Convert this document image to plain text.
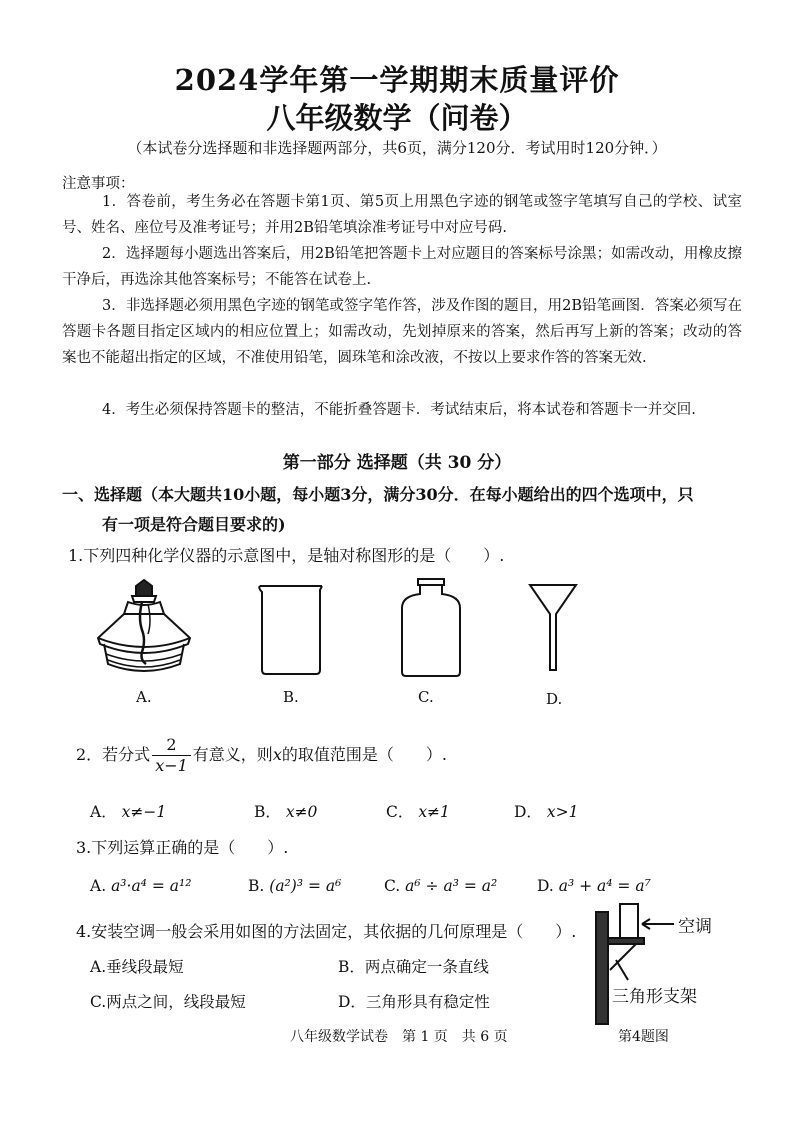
2024学年第一学期期末质量评价
八年级数学（问卷）
（本试卷分选择题和非选择题两部分，共6页，满分120分．考试用时120分钟．）
注意事项：
1．答卷前，考生务必在答题卡第1页、第5页上用黑色字迹的钢笔或签字笔填写自己的学校、试室号、姓名、座位号及准考证号；并用2B铅笔填涂准考证号中对应号码.
2．选择题每小题选出答案后，用2B铅笔把答题卡上对应题目的答案标号涂黑；如需改动，用橡皮擦干净后，再选涂其他答案标号；不能答在试卷上.
3．非选择题必须用黑色字迹的钢笔或签字笔作答，涉及作图的题目，用2B铅笔画图．答案必须写在答题卡各题目指定区域内的相应位置上；如需改动，先划掉原来的答案，然后再写上新的答案；改动的答案也不能超出指定的区域，不准使用铅笔，圆珠笔和涂改液，不按以上要求作答的答案无效.
4．考生必须保持答题卡的整洁，不能折叠答题卡．考试结束后，将本试卷和答题卡一并交回.
第一部分 选择题（共 30 分）
一、选择题（本大题共10小题，每小题3分，满分30分．在每小题给出的四个选项中，只
有一项是符合题目要求的)
1.下列四种化学仪器的示意图中，是轴对称图形的是（　　）.
A.	B.	C.	D.
2．若分式 $\frac{2}{x-1}$ 有意义，则x的取值范围是（　　）.
A． x≠−1	B． x≠0	C． x≠1	D． x>1
3.下列运算正确的是（　　）.
A. a³·a⁴ = a¹²	B. (a²)³ = a⁶	C. a⁶ ÷ a³ = a²	D. a³ + a⁴ = a⁷
4.安装空调一般会采用如图的方法固定，其依据的几何原理是（　　）.
A.垂线段最短	B．两点确定一条直线
C.两点之间，线段最短	D．三角形具有稳定性
空调
三角形支架
第4题图
八年级数学试卷　第 1 页　共 6 页
